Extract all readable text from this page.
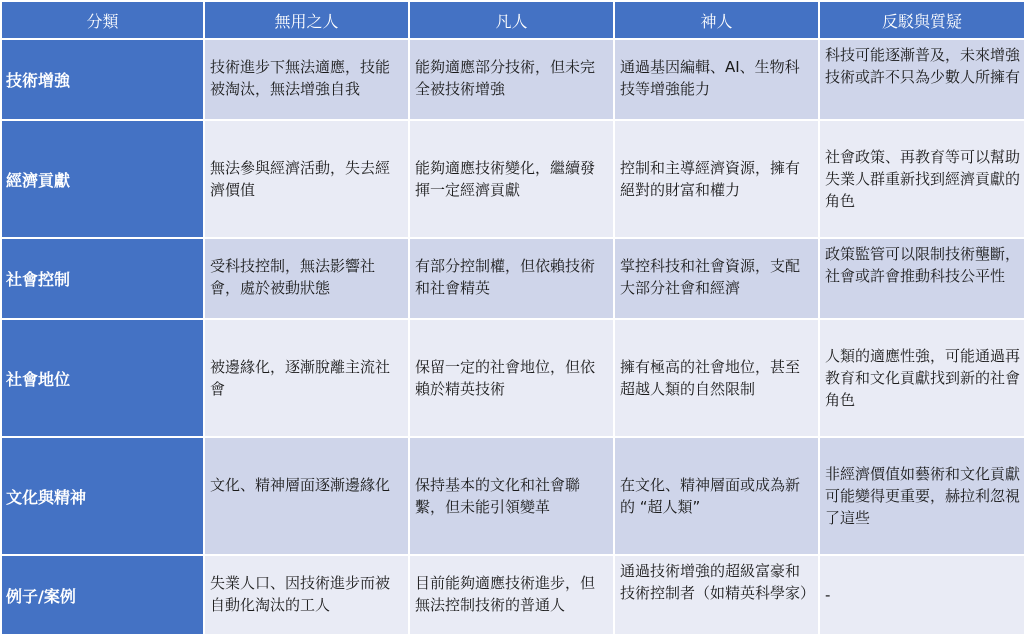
分類	無用之人	凡人	神人	反駁與質疑
技術增強	技術進步下無法適應，技能被淘汰，無法增強自我	能夠適應部分技術，但未完全被技術增強	通過基因編輯、AI、生物科技等增強能力	科技可能逐漸普及，未來增強技術或許不只為少數人所擁有
經濟貢獻	無法參與經濟活動，失去經濟價值	能夠適應技術變化，繼續發揮一定經濟貢獻	控制和主導經濟資源，擁有絕對的財富和權力	社會政策、再教育等可以幫助失業人群重新找到經濟貢獻的角色
社會控制	受科技控制，無法影響社會，處於被動狀態	有部分控制權，但依賴技術和社會精英	掌控科技和社會資源，支配大部分社會和經濟	政策監管可以限制技術壟斷，社會或許會推動科技公平性
社會地位	被邊緣化，逐漸脫離主流社會	保留一定的社會地位，但依賴於精英技術	擁有極高的社會地位，甚至超越人類的自然限制	人類的適應性強，可能通過再教育和文化貢獻找到新的社會角色
文化與精神	文化、精神層面逐漸邊緣化	保持基本的文化和社會聯繫，但未能引領變革	在文化、精神層面或成為新的 “超人類”	非經濟價值如藝術和文化貢獻可能變得更重要，赫拉利忽視了這些
例子/案例	失業人口、因技術進步而被自動化淘汰的工人	目前能夠適應技術進步，但無法控制技術的普通人	通過技術增強的超級富豪和技術控制者（如精英科學家）	-
